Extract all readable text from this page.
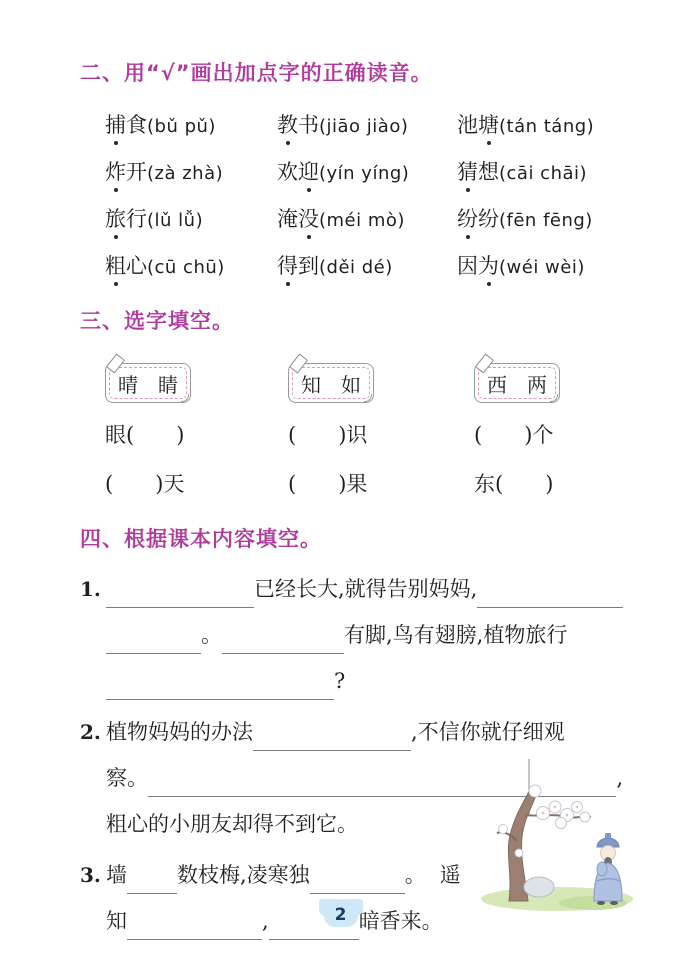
二、用“√”画出加点字的正确读音。
捕食(bǔ pǔ)	教书(jiāo jiào)	池塘(tán táng)
炸开(zà zhà)	欢迎(yín yíng)	猜想(cāi chāi)
旅行(lǔ lǚ)	淹没(méi mò)	纷纷(fēn fēng)
粗心(cū chū)	得到(děi dé)	因为(wéi wèi)
三、选字填空。
晴　睛	知　如	西　两
眼(　　)	(　　)识	(　　)个
(　　)天	(　　)果	东(　　)
四、根据课本内容填空。
1.	已经长大,就得告别妈妈,
。	有脚,鸟有翅膀,植物旅行
?
2. 植物妈妈的办法	,不信你就仔细观
察。	,
粗心的小朋友却得不到它。
3. 墙 数枝梅,凌寒独	。 遥
知	,	暗香来。
2
